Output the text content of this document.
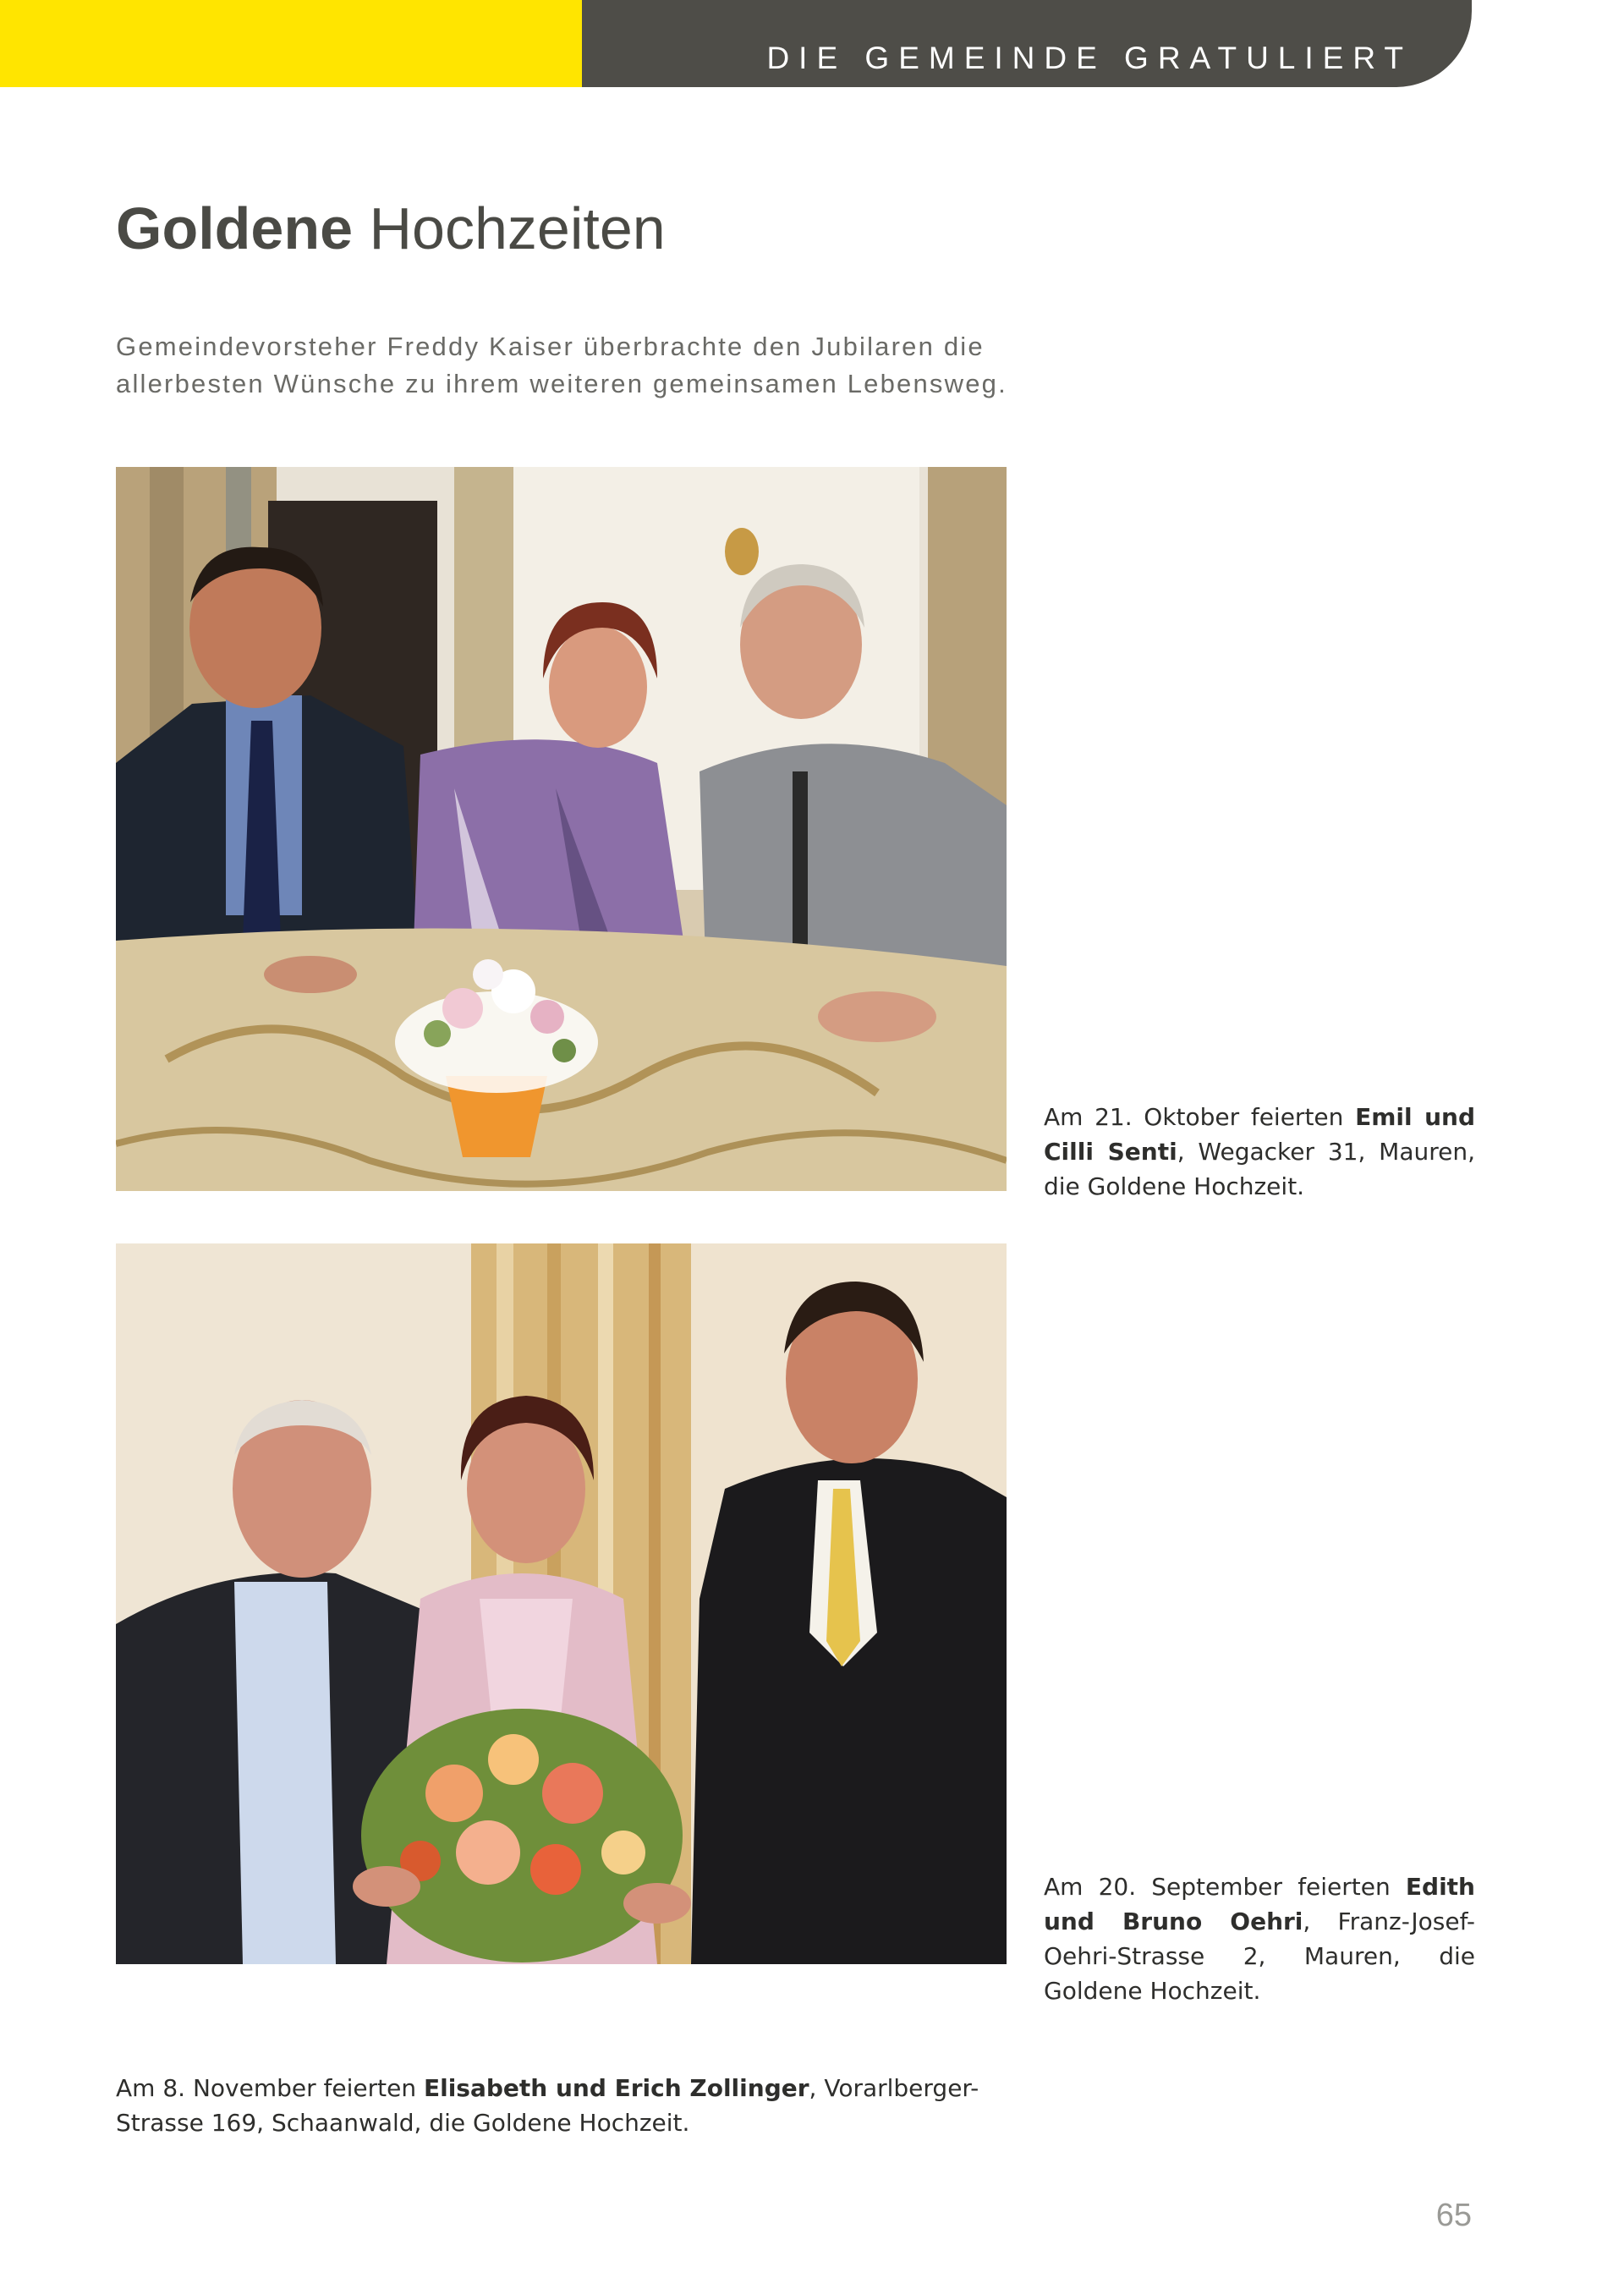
DIE GEMEINDE GRATULIERT
Goldene Hochzeiten

Gemeindevorsteher Freddy Kaiser überbrachte den Jubilaren die
allerbesten Wünsche zu ihrem weiteren gemeinsamen Lebensweg.

Am 21. Oktober feierten Emil und Cilli Senti, Wegacker 31, Mauren, die Goldene Hochzeit.

Am 20. September feierten Edith und Bruno Oehri, Franz-Josef-Oehri-Strasse 2, Mauren, die Goldene Hochzeit.

Am 8. November feierten Elisabeth und Erich Zollinger, Vorarlberger-Strasse 169, Schaanwald, die Goldene Hochzeit.

65
